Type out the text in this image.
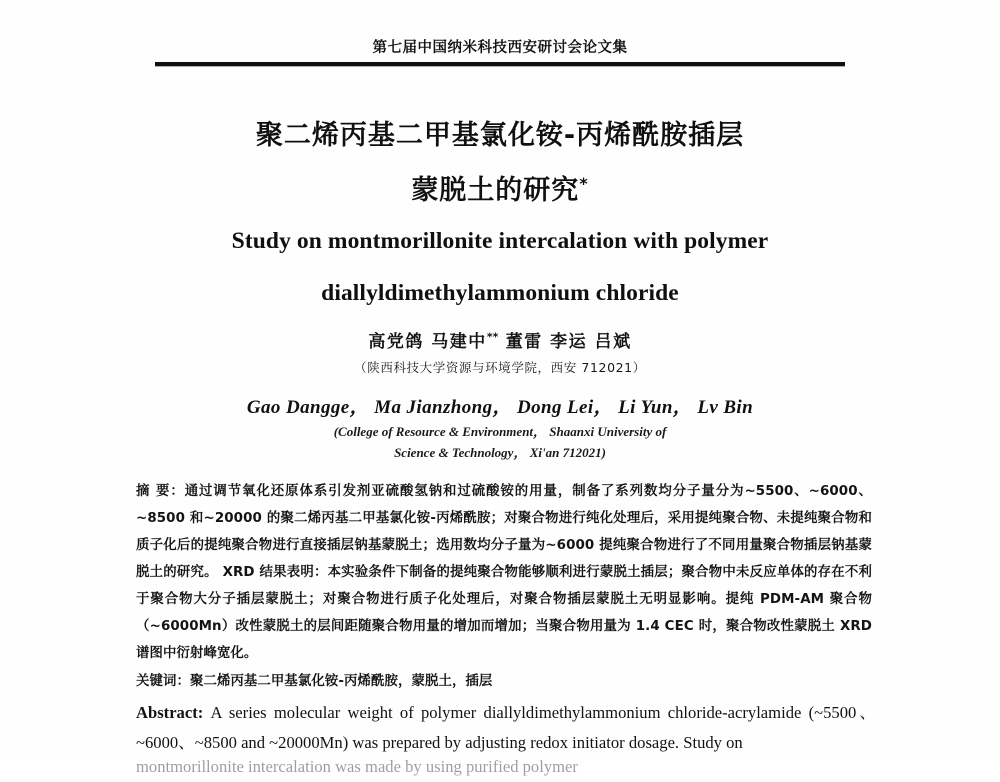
第七届中国纳米科技西安研讨会论文集
聚二烯丙基二甲基氯化铵-丙烯酰胺插层
蒙脱土的研究*
Study on montmorillonite intercalation with polymer
diallyldimethylammonium chloride
高党鸽 马建中** 董雷 李运 吕斌
（陕西科技大学资源与环境学院，西安 712021）
Gao Dangge， Ma Jianzhong， Dong Lei， Li Yun， Lv Bin
(College of Resource & Environment， Shaanxi University of
Science & Technology， Xi'an 712021)
摘 要：通过调节氧化还原体系引发剂亚硫酸氢钠和过硫酸铵的用量，制备了系列数均分子量分为~5500、~6000、~8500 和~20000 的聚二烯丙基二甲基氯化铵-丙烯酰胺；对聚合物进行纯化处理后，采用提纯聚合物、未提纯聚合物和质子化后的提纯聚合物进行直接插层钠基蒙脱土；选用数均分子量为~6000 提纯聚合物进行了不同用量聚合物插层钠基蒙脱土的研究。 XRD 结果表明：本实验条件下制备的提纯聚合物能够顺利进行蒙脱土插层；聚合物中未反应单体的存在不利于聚合物大分子插层蒙脱土；对聚合物进行质子化处理后，对聚合物插层蒙脱土无明显影响。提纯 PDM-AM 聚合物（~6000Mn）改性蒙脱土的层间距随聚合物用量的增加而增加；当聚合物用量为 1.4 CEC 时，聚合物改性蒙脱土 XRD 谱图中衍射峰宽化。
关键词：聚二烯丙基二甲基氯化铵-丙烯酰胺，蒙脱土，插层
Abstract: A series molecular weight of polymer diallyldimethylammonium chloride-acrylamide (~5500、~6000、~8500 and ~20000Mn) was prepared by adjusting redox initiator dosage. Study on
montmorillonite intercalation was made by using purified polymer
